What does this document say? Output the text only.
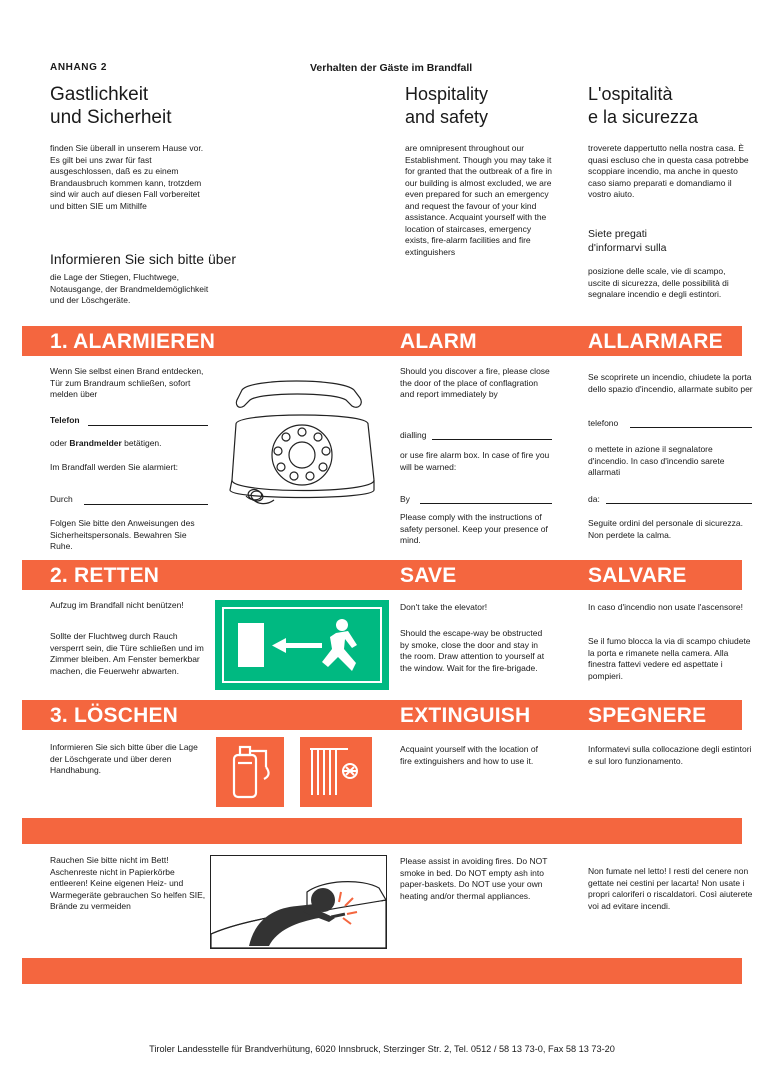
ANHANG 2	Verhalten der Gäste im Brandfall
Gastlichkeit
und Sicherheit
Hospitality
and safety
L'ospitalità
e la sicurezza
finden Sie überall in unserem Hause vor. Es gilt bei uns zwar für fast ausgeschlossen, daß es zu einem Brandausbruch kommen kann, trotzdem sind wir auch auf diesen Fall vorbereitet und bitten SIE um Mithilfe
are omnipresent throughout our Establishment. Though you may take it for granted that the outbreak of a fire in our building is almost excluded, we are even prepared for such an emergency and request the favour of your kind assistance. Acquaint yourself with the location of staircases, emergency exists, fire-alarm facilities and fire extinguishers
troverete dappertutto nella nostra casa. È quasi escluso che in questa casa potrebbe scoppiare incendio, ma anche in questo caso siamo preparati e domandiamo il vostro aiuto.
Informieren Sie sich bitte über
die Lage der Stiegen, Fluchtwege, Notausgange, der Brandmeldemöglichkeit und der Löschgeräte.
Siete pregati
d'informarvi sulla
posizione delle scale, vie di scampo, uscite di sicurezza, delle possibilità di segnalare incendio e degli estintori.
1. ALARMIEREN	ALARM	ALLARMARE
Wenn Sie selbst einen Brand entdecken, Tür zum Brandraum schließen, sofort melden über
Telefon
oder Brandmelder betätigen.
Im Brandfall werden Sie alarmiert:
Durch
Folgen Sie bitte den Anweisungen des Sicherheitspersonals. Bewahren Sie Ruhe.
Should you discover a fire, please close the door of the place of conflagration and report immediately by
dialling
or use fire alarm box. In case of fire you will be warned:
By
Please comply with the instructions of safety personel. Keep your presence of mind.
Se scoprirete un incendio, chiudete la porta dello spazio d'incendio, allarmate subito per
telefono
o mettete in azione il segnalatore d'incendio. In caso d'incendio sarete allarmati
da:
Seguite ordini del personale di sicurezza. Non perdete la calma.
2. RETTEN	SAVE	SALVARE
Aufzug im Brandfall nicht benützen!
Sollte der Fluchtweg durch Rauch versperrt sein, die Türe schließen und im Zimmer bleiben. Am Fenster bemerkbar machen, die Feuerwehr abwarten.
Don't take the elevator!
Should the escape-way be obstructed by smoke, close the door and stay in the room. Draw attention to yourself at the window. Wait for the fire-brigade.
In caso d'incendio non usate l'ascensore!
Se il fumo blocca la via di scampo chiudete la porta e rimanete nella camera. Alla finestra fattevi vedere ed aspettate i pompieri.
3. LÖSCHEN	EXTINGUISH	SPEGNERE
Informieren Sie sich bitte über die Lage der Löschgerate und über deren Handhabung.
Acquaint yourself with the location of fire extinguishers and how to use it.
Informatevi sulla collocazione degli estintori e sul loro funzionamento.
Rauchen Sie bitte nicht im Bett! Aschenreste nicht in Papierkörbe entleeren! Keine eigenen Heiz- und Warmegeräte gebrauchen So helfen SIE, Brände zu vermeiden
Please assist in avoiding fires. Do NOT smoke in bed. Do NOT empty ash into paper-baskets. Do NOT use your own heating and/or thermal appliances.
Non fumate nel letto! I resti del cenere non gettate nei cestini per lacarta! Non usate i propri caloriferi o riscaldatori. Così aiuterete voi ad evitare incendi.
Tiroler Landesstelle für Brandverhütung, 6020 Innsbruck, Sterzinger Str. 2, Tel. 0512 / 58 13 73-0, Fax 58 13 73-20
